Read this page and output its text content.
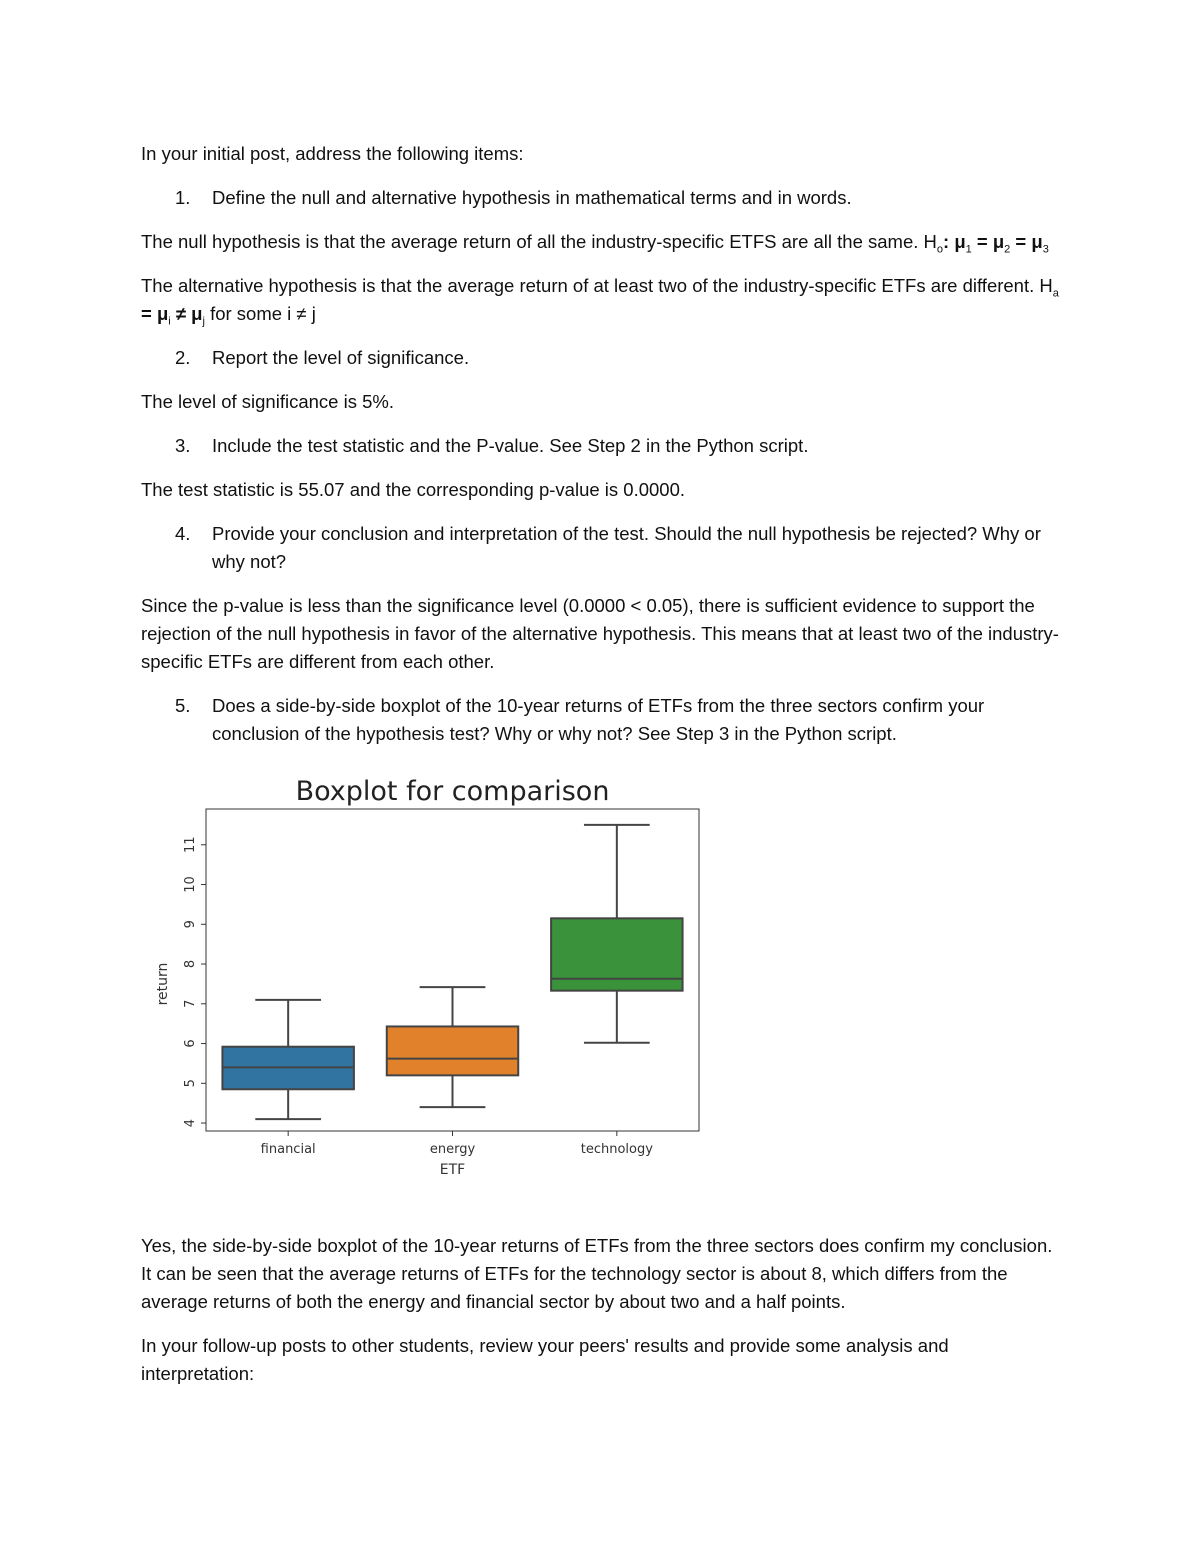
In your initial post, address the following items:

1. Define the null and alternative hypothesis in mathematical terms and in words.

The null hypothesis is that the average return of all the industry-specific ETFS are all the same. $H_o$: $\mu_1 = \mu_2 = \mu_3$

The alternative hypothesis is that the average return of at least two of the industry-specific ETFs are different. $H_a = \mu_i \ne \mu_j$ for some i ≠ j

2. Report the level of significance.

The level of significance is 5%.

3. Include the test statistic and the P-value. See Step 2 in the Python script.

The test statistic is 55.07 and the corresponding p-value is 0.0000.

4. Provide your conclusion and interpretation of the test. Should the null hypothesis be rejected? Why or why not?

Since the p-value is less than the significance level (0.0000 < 0.05), there is sufficient evidence to support the rejection of the null hypothesis in favor of the alternative hypothesis. This means that at least two of the industry-specific ETFs are different from each other.

5. Does a side-by-side boxplot of the 10-year returns of ETFs from the three sectors confirm your conclusion of the hypothesis test? Why or why not? See Step 3 in the Python script.
Boxplot for comparison
4
5
6
7
8
9
10
11
return
financial	energy	technology
ETF

Yes, the side-by-side boxplot of the 10-year returns of ETFs from the three sectors does confirm my conclusion. It can be seen that the average returns of ETFs for the technology sector is about 8, which differs from the average returns of both the energy and financial sector by about two and a half points.

In your follow-up posts to other students, review your peers' results and provide some analysis and interpretation:
